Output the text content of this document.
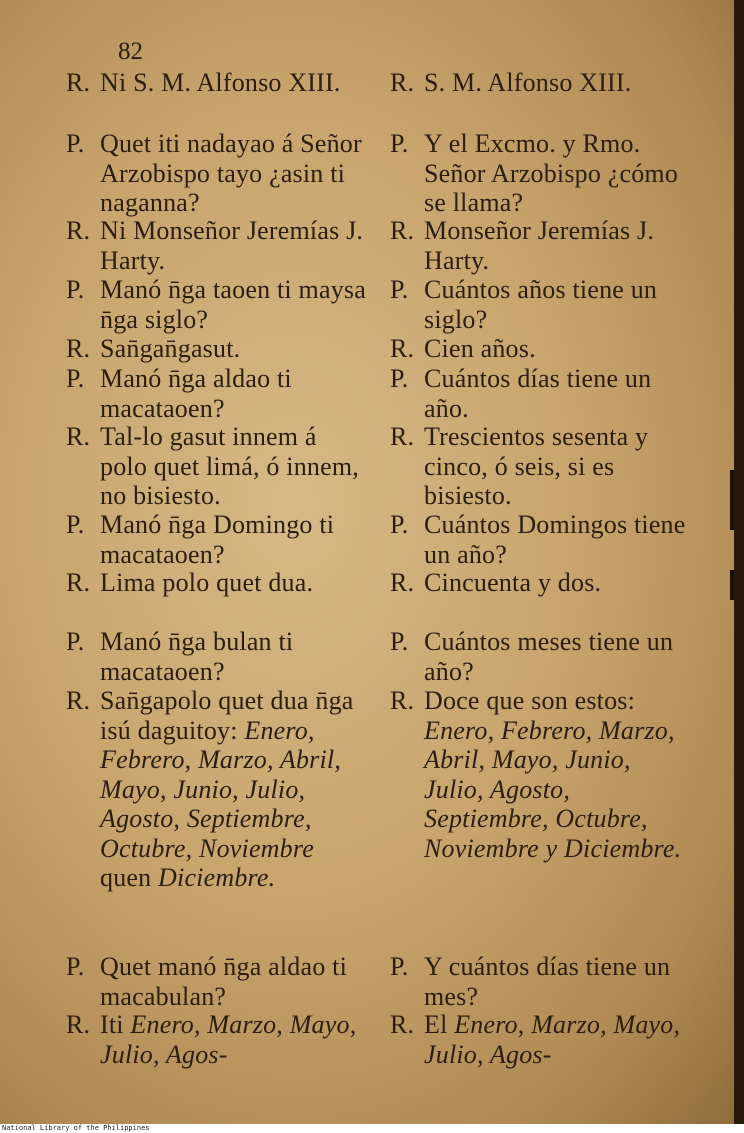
82
R. Ni S. M. Alfonso XIII.
P. Quet iti nadayao á Señor Arzobispo tayo ¿asin ti naganna?
R. Ni Monseñor Jeremías J. Harty.
P. Manó n̄ga taoen ti maysa n̄ga siglo?
R. San̄gan̄gasut.
P. Manó n̄ga aldao ti macataoen?
R. Tal-lo gasut innem á polo quet limá, ó innem, no bisiesto.
P. Manó n̄ga Domingo ti macataoen?
R. Lima polo quet dua.
P. Manó n̄ga bulan ti macataoen?
R. San̄gapolo quet dua n̄ga isú daguitoy: Enero, Febrero, Marzo, Abril, Mayo, Junio, Julio, Agosto, Septiembre, Octubre, Noviembre quen Diciembre.
P. Quet manó n̄ga aldao ti macabulan?
R. Iti Enero, Marzo, Mayo, Julio, Agos-
R. S. M. Alfonso XIII.
P. Y el Excmo. y Rmo. Señor Arzobispo ¿cómo se llama?
R. Monseñor Jeremías J. Harty.
P. Cuántos años tiene un siglo?
R. Cien años.
P. Cuántos días tiene un año.
R. Trescientos sesenta y cinco, ó seis, si es bisiesto.
P. Cuántos Domingos tiene un año?
R. Cincuenta y dos.
P. Cuántos meses tiene un año?
R. Doce que son estos: Enero, Febrero, Marzo, Abril, Mayo, Junio, Julio, Agosto, Septiembre, Octubre, Noviembre y Diciembre.
P. Y cuántos días tiene un mes?
R. El Enero, Marzo, Mayo, Julio, Agos-
National Library of the Philippines
